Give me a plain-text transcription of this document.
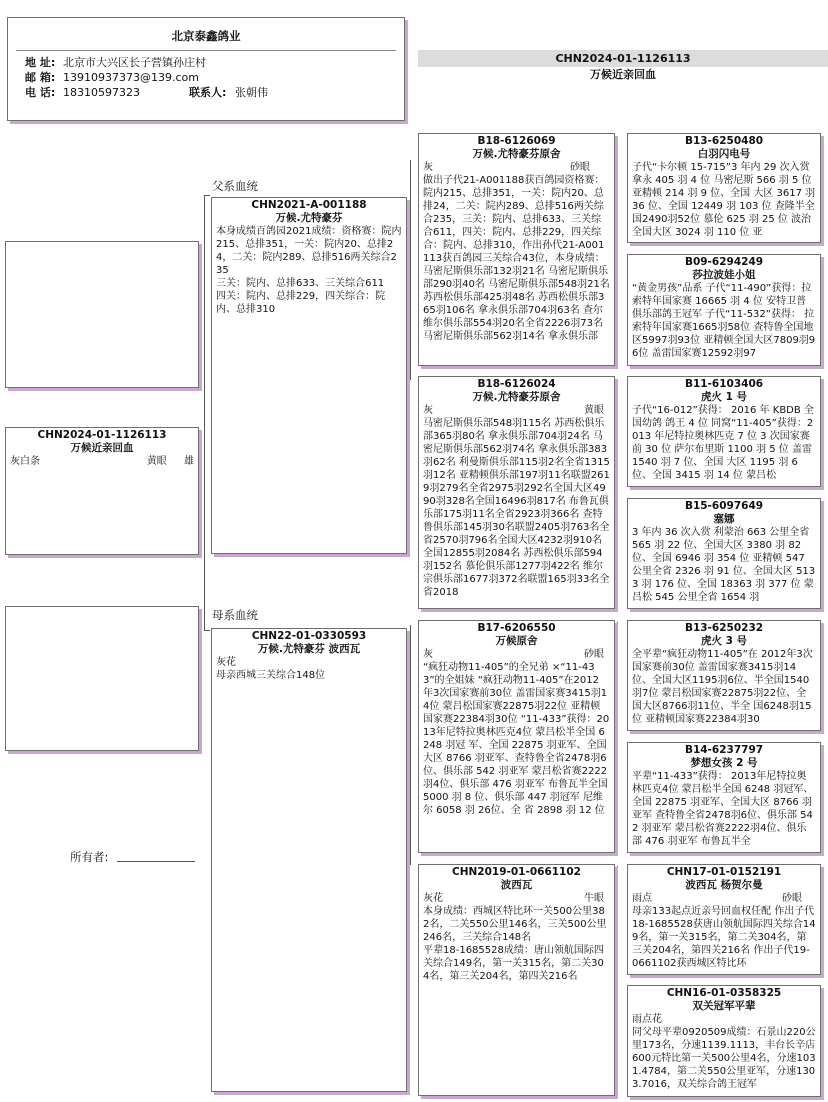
北京泰鑫鸽业
地 址: 北京市大兴区长子营镇孙庄村
邮 箱: 13910937373@139.com
电 话: 18310597323	联系人: 张朝伟
CHN2024-01-1126113
万候近亲回血
CHN2024-01-1126113
万候近亲回血
灰白条	黄眼 雄
所有者:
父系血统
母系血统
CHN2021-A-001188
万候.尤特豪芬
本身成绩百鸽园2021成绩：资格赛：院内215、总排351，一关：院内20、总排24，二关：院内289、总排516两关综合235
三关：院内、总排633、三关综合611
四关：院内、总排229，四关综合：院内、总排310
CHN22-01-0330593
万候.尤特豪芬 波西瓦
灰花
母亲西城三关综合148位
B18-6126069
万候.尤特豪芬原舍
灰	砂眼
做出子代21-A001188获百鸽园资格赛：院内215、总排351，一关：院内20、总排24，二关：院内289、总排516两关综合235，三关：院内、总排633、三关综合611，四关：院内、总排229，四关综合：院内、总排310，作出孙代21-A001113获百鸽园三关综合43位，本身成绩：马密尼斯俱乐部132羽21名 马密尼斯俱乐部290羽40名 马密尼斯俱乐部548羽21名 苏西松俱乐部425羽48名 苏西松俱乐部365羽106名 拿永俱乐部704羽63名 查尔维尔俱乐部554羽20名全省2226羽73名 马密尼斯俱乐部562羽14名 拿永俱乐部
B18-6126024
万候.尤特豪芬原舍
灰	黄眼
马密尼斯俱乐部548羽115名 苏西松俱乐部365羽80名 拿永俱乐部704羽24名 马密尼斯俱乐部562羽74名 拿永俱乐部383羽62名 利曼斯俱乐部115羽2名全省1315羽12名 亚精顿俱乐部197羽11名联盟2619羽279名全省2975羽292名全国大区4990羽328名全国16496羽817名 布鲁瓦俱乐部175羽11名全省2923羽366名 查特鲁俱乐部145羽30名联盟2405羽763名全省2570羽796名全国大区4232羽910名全国12855羽2084名 苏西松俱乐部594羽152名 慕伦俱乐部1277羽422名 维尔宗俱乐部1677羽372名联盟165羽33名全省2018
B17-6206550
万候原舍
灰	砂眼
“疯狂动物11-405”的全兄弟 ×“11-433”的全姐妹 “疯狂动物11-405”在2012 年3次国家赛前30位 盖雷国家赛3415羽14位 蒙吕松国家赛22875羽22位 亚精顿国家赛22384羽30位 “11-433”获得：2013年尼特拉奥林匹克4位 蒙吕松半全国 6248 羽冠 军、全国 22875 羽亚军、全国大区 8766 羽亚军、查特鲁全省2478羽6位、俱乐部 542 羽亚军 蒙吕松省赛2222羽4位、俱乐部 476 羽亚军 布鲁瓦半全国 5000 羽 8 位、俱乐部 447 羽冠军 尼维尔 6058 羽 26位、全 省 2898 羽 12 位
CHN2019-01-0661102
波西瓦
灰花	牛眼
本身成绩：西城区特比环一关500公里382名，二关550公里146名，三关500公里246名，三关综合148名
平辈18-1685528成绩：唐山领航国际四关综合149名，第一关315名，第二关304名，第三关204名，第四关216名
B13-6250480
白羽闪电号
子代“卡尔顿 15-715”3 年内 29 次入赏 拿永 405 羽 4 位 马密尼斯 566 羽 5 位 亚精顿 214 羽 9 位、全国 大区 3617 羽 36 位、全国 12449 羽 103 位 查隆半全国2490羽52位 慕伦 625 羽 25 位 波治全国大区 3024 羽 110 位 亚
B09-6294249
莎拉波娃小姐
“黄金男孩”品系 子代“11-490”获得：拉索特年国家赛 16665 羽 4 位 安特卫普俱乐部鸽王冠军 子代“11-532”获得： 拉索特年国家赛1665羽58位 查特鲁全国地区5997羽93位 亚精顿全国大区7809羽96位 盖雷国家赛12592羽97
B11-6103406
虎火 1 号
子代“16-012”获得： 2016 年 KBDB 全国幼鸽 鸽王 4 位 同窝“11-405”获得：2013 年尼特拉奥林匹克 7 位 3 次国家赛前 30 位 萨尔布里斯 1100 羽 5 位 盖雷 1540 羽 7 位、全国 大区 1195 羽 6 位、全国 3415 羽 14 位 蒙吕松
B15-6097649
塞娜
3 年内 36 次入赏 利蒙治 663 公里全省 565 羽 22 位、全国大区 3380 羽 82 位、全国 6946 羽 354 位 亚精顿 547 公里全省 2326 羽 91 位、全国大区 5133 羽 176 位、全国 18363 羽 377 位 蒙吕松 545 公里全省 1654 羽
B13-6250232
虎火 3 号
全平辈“疯狂动物11-405”在 2012年3次国家赛前30位 盖雷国家赛3415羽14位、全国大区1195羽6位、半全国1540羽7位 蒙吕松国家赛22875羽22位、全国大区8766羽11位、半全 国6248羽15位 亚精顿国家赛22384羽30
B14-6237797
梦想女孩 2 号
平辈“11-433”获得： 2013年尼特拉奥林匹克4位 蒙吕松半全国 6248 羽冠军、全国 22875 羽亚军、全国大区 8766 羽亚军 查特鲁全省2478羽6位、俱乐部 542 羽亚军 蒙吕松省赛2222羽4位、俱乐部 476 羽亚军 布鲁瓦半全
CHN17-01-0152191
波西瓦 杨贺尔曼
雨点	砂眼
母亲133起点近亲号回血权任配 作出子代18-1685528获唐山领航国际四关综合149名，第一关315名，第二关304名，第三关204名，第四关216名 作出子代19-0661102获西城区特比环
CHN16-01-0358325
双关冠军平辈
雨点花
同父母平辈0920509成绩：石景山220公里173名，分速1139.1113，丰台长辛店600元特比第一关500公里4名，分速1031.4784，第二关550公里亚军，分速1303.7016，双关综合鸽王冠军
